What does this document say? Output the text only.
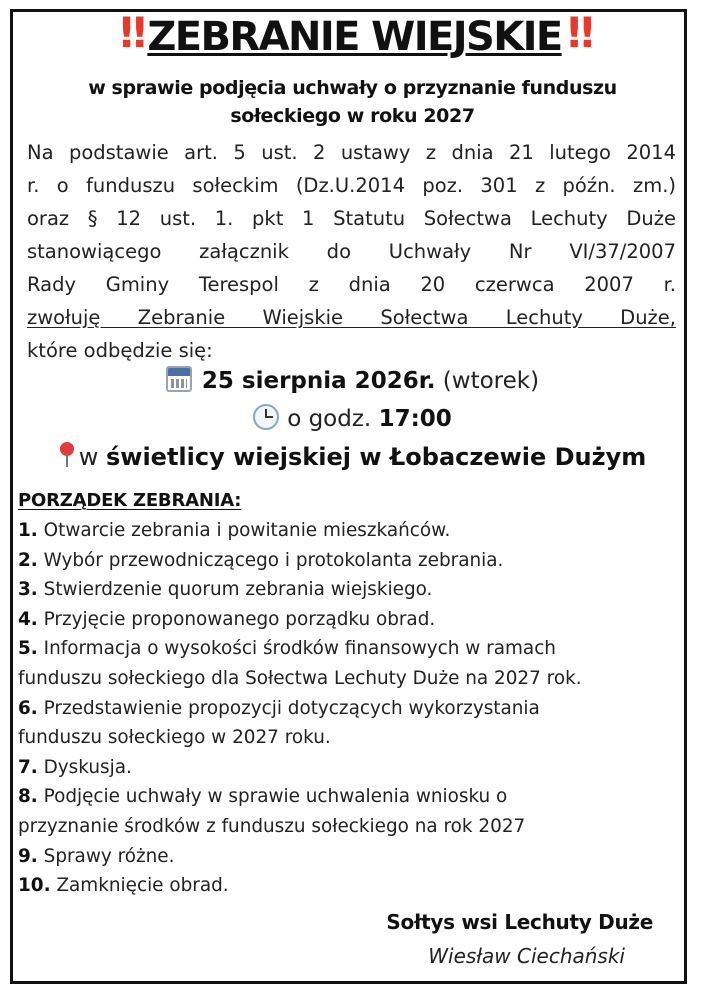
‼ ZEBRANIE WIEJSKIE ‼
w sprawie podjęcia uchwały o przyznanie funduszu
sołeckiego w roku 2027
Na podstawie art. 5 ust. 2 ustawy z dnia 21 lutego 2014
r. o funduszu sołeckim (Dz.U.2014 poz. 301 z późn. zm.)
oraz § 12 ust. 1. pkt 1 Statutu Sołectwa Lechuty Duże
stanowiącego załącznik do Uchwały Nr VI/37/2007
Rady Gminy Terespol z dnia 20 czerwca 2007 r.
zwołuję Zebranie Wiejskie Sołectwa Lechuty Duże,
które odbędzie się:
25 sierpnia 2026r. (wtorek)
o godz. 17:00
w świetlicy wiejskiej w Łobaczewie Dużym
PORZĄDEK ZEBRANIA:
1. Otwarcie zebrania i powitanie mieszkańców.
2. Wybór przewodniczącego i protokolanta zebrania.
3. Stwierdzenie quorum zebrania wiejskiego.
4. Przyjęcie proponowanego porządku obrad.
5. Informacja o wysokości środków finansowych w ramach
funduszu sołeckiego dla Sołectwa Lechuty Duże na 2027 rok.
6. Przedstawienie propozycji dotyczących wykorzystania
funduszu sołeckiego w 2027 roku.
7. Dyskusja.
8. Podjęcie uchwały w sprawie uchwalenia wniosku o
przyznanie środków z funduszu sołeckiego na rok 2027
9. Sprawy różne.
10. Zamknięcie obrad.
Sołtys wsi Lechuty Duże
Wiesław Ciechański
